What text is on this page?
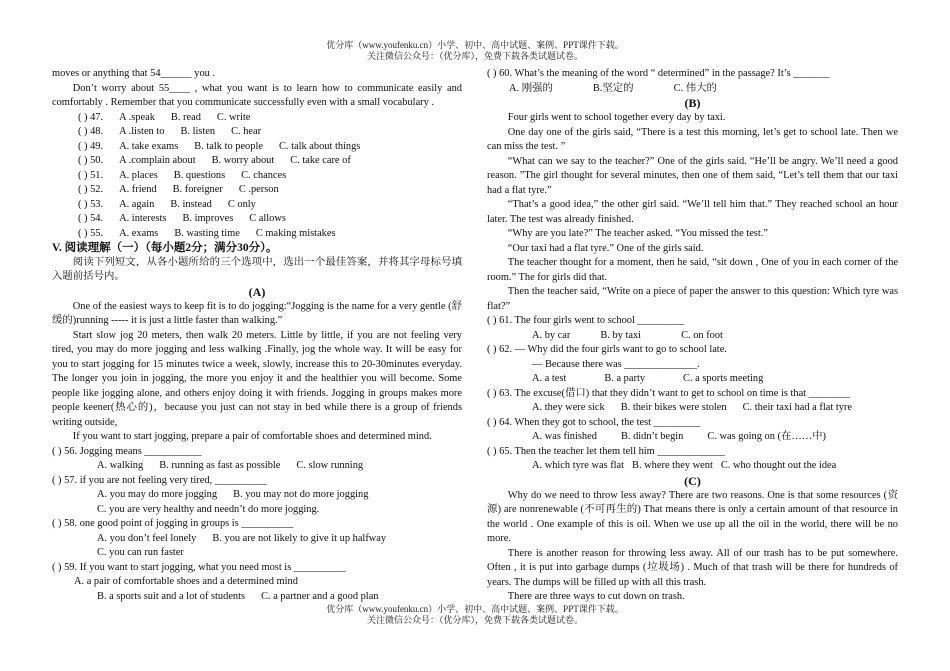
优分库（www.youfenku.cn）小学、初中、高中试题、案例、PPT课件下载。
关注微信公众号：（优分库），免费下载各类试题试卷。

moves or anything that 54______ you .

Don’t worry about 55____ , what you want is to learn how to communicate easily and comfortably . Remember that you communicate successfully even with a small vocabulary .

( ) 47. A .speak B. read C. write

( ) 48. A .listen to B. listen C. hear

( ) 49. A. take exams B. talk to people C. talk about things

( ) 50. A .complain about B. worry about C. take care of

( ) 51. A. places B. questions C. chances

( ) 52. A. friend B. foreigner C .person

( ) 53. A. again B. instead C only

( ) 54. A. interests B. improves C allows

( ) 55. A. exams B. wasting time C making mistakes

V. 阅读理解（一）（每小题2分；满分30分）。

阅读下列短文，从各小题所给的三个选项中，选出一个最佳答案，并将其字母标号填入题前括号内。

(A)

One of the easiest ways to keep fit is to do jogging:“Jogging is the name for a very gentle (舒缓的)running ----- it is just a little faster than walking.”

Start slow jog 20 meters, then walk 20 meters. Little by little, if you are not feeling very tired, you may do more jogging and less walking .Finally, jog the whole way. It will be easy for you to start jogging for 15 minutes twice a week, slowly, increase this to 20-30minutes everyday. The longer you join in jogging, the more you enjoy it and the healthier you will become. Some people like jogging alone, and others enjoy doing it with friends. Jogging in groups makes more people keener(热心的)，because you just can not stay in bed while there is a group of friends writing outside,

If you want to start jogging, prepare a pair of comfortable shoes and determined mind.

( ) 56. Jogging means ___________

A. walking B. running as fast as possible C. slow running

( ) 57. if you are not feeling very tired, __________

A. you may do more jogging B. you may not do more jogging

C. you are very healthy and needn’t do more jogging.

( ) 58. one good point of jogging in groups is __________

A. you don’t feel lonely B. you are not likely to give it up halfway

C. you can run faster

( ) 59. If you want to start jogging, what you need most is __________

A. a pair of comfortable shoes and a determined mind

B. a sports suit and a lot of students C. a partner and a good plan

( ) 60. What’s the meaning of the word “ determined” in the passage? It’s _______

A. 刚强的	B.坚定的	C. 伟大的

(B)

Four girls went to school together every day by taxi.

One day one of the girls said, “There is a test this morning, let’s get to school late. Then we can miss the test. ”

“What can we say to the teacher?” One of the girls said. “He’ll be angry. We’ll need a good reason. ”The girl thought for several minutes, then one of them said, “Let’s tell them that our taxi had a flat tyre.”

“That’s a good idea,” the other girl said. “We’ll tell him that.” They reached school an hour later. The test was already finished.

“Why are you late?” The teacher asked. “You missed the test.”

“Our taxi had a flat tyre.” One of the girls said.

The teacher thought for a moment, then he said, “sit down , One of you in each corner of the room.” The for girls did that.

Then the teacher said, “Write on a piece of paper the answer to this question: Which tyre was flat?”

( ) 61. The four girls went to school _________

A. by car	B. by taxi	C. on foot

( ) 62. — Why did the four girls want to go to school late.

— Because there was ______________.

A. a test	B. a party	C. a sports meeting

( ) 63. The excuse(借口) that they didn’t want to get to school on time is that ________

A. they were sick B. their bikes were stolen C. their taxi had a flat tyre

( ) 64. When they got to school, the test _________

A. was finished B. didn’t begin C. was going on (在……中)

( ) 65. Then the teacher let them tell him _____________

A. which tyre was flat B. where they went C. who thought out the idea

(C)

Why do we need to throw less away? There are two reasons. One is that some resources (资源) are nonrenewable (不可再生的) That means there is only a certain amount of that resource in the world . One example of this is oil. When we use up all the oil in the world, there will be no more.

There is another reason for throwing less away. All of our trash has to be put somewhere. Often , it is put into garbage dumps (垃圾场) . Much of that trash will be there for hundreds of years. The dumps will be filled up with all this trash.

There are three ways to cut down on trash.

优分库（www.youfenku.cn）小学、初中、高中试题、案例、PPT课件下载。
关注微信公众号：（优分库），免费下载各类试题试卷。
